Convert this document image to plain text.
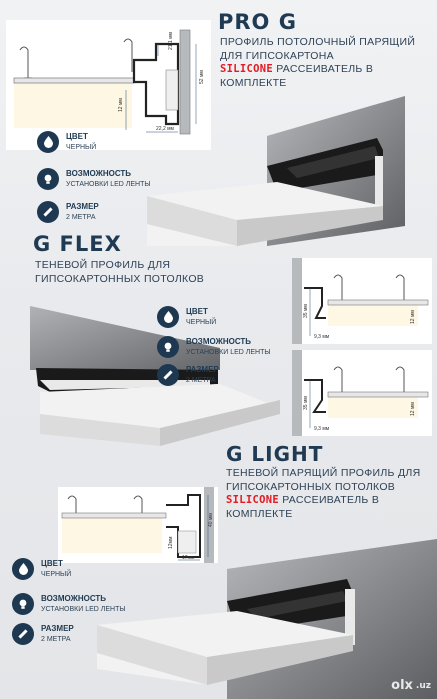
PRO G
ПРОФИЛЬ ПОТОЛОЧНЫЙ ПАРЯЩИЙ
ДЛЯ ГИПСОКАРТОНА
SILICONE РАССЕИВАТЕЛЬ В
КОМПЛЕКТЕ
21,1 мм
52 мм
12 мм
22,2 мм
ЦВЕТ
ЧЕРНЫЙ
ВОЗМОЖНОСТЬ
УСТАНОВКИ LED ЛЕНТЫ
РАЗМЕР
2 МЕТРА
G FLEX
ТЕНЕВОЙ ПРОФИЛЬ ДЛЯ
ГИПСОКАРТОННЫХ ПОТОЛКОВ
35 мм	12 мм
9,3 мм
35 мм	12 мм
9,3 мм
ЦВЕТ
ЧЕРНЫЙ
ВОЗМОЖНОСТЬ
УСТАНОВКИ LED ЛЕНТЫ
РАЗМЕР
2 МЕТРА
G LIGHT
ТЕНЕВОЙ ПАРЯЩИЙ ПРОФИЛЬ ДЛЯ
ГИПСОКАРТОННЫХ ПОТОЛКОВ
SILICONE РАССЕИВАТЕЛЬ В
КОМПЛЕКТЕ
40 мм
12мм
17мм
ЦВЕТ
ЧЕРНЫЙ
ВОЗМОЖНОСТЬ
УСТАНОВКИ LED ЛЕНТЫ
РАЗМЕР
2 МЕТРА
olx .uz
